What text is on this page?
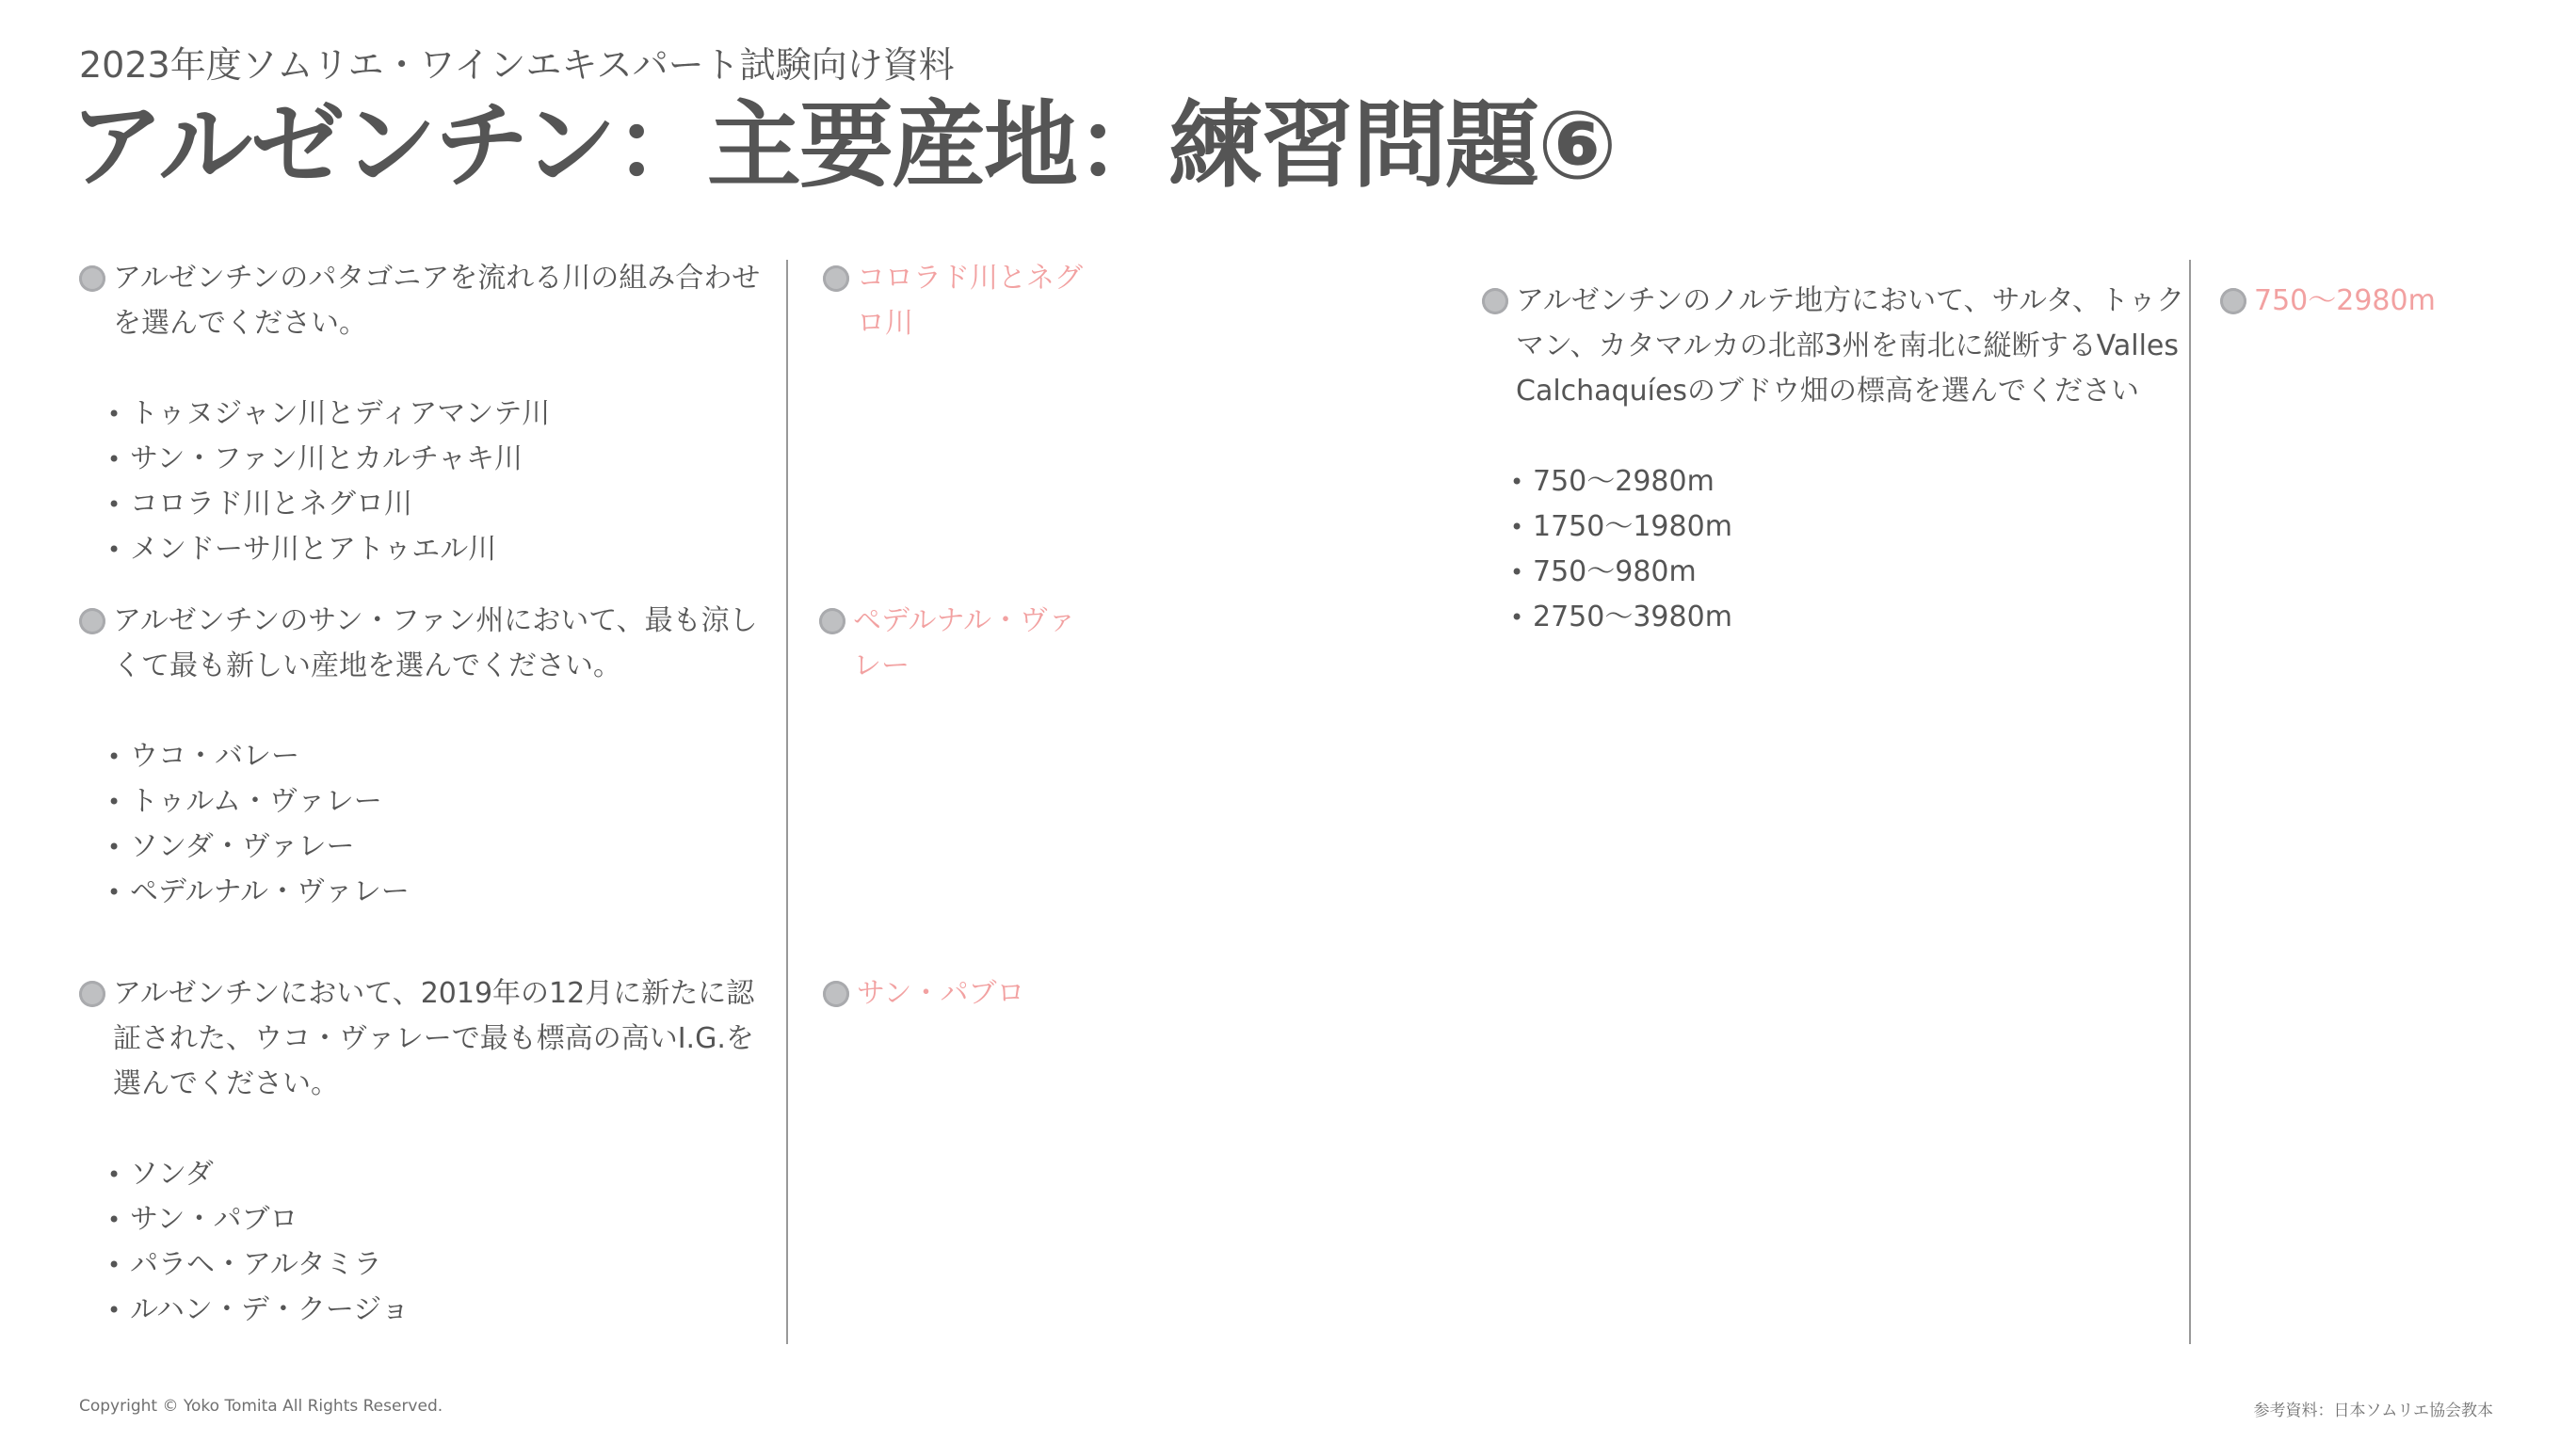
2023年度ソムリエ・ワインエキスパート試験向け資料
アルゼンチン：主要産地：練習問題⑥
アルゼンチンのパタゴニアを流れる川の組み合わせを選んでください。
• トゥヌジャン川とディアマンテ川
• サン・ファン川とカルチャキ川
• コロラド川とネグロ川
• メンドーサ川とアトゥエル川
コロラド川とネグロ川
アルゼンチンのサン・ファン州において、最も涼しくて最も新しい産地を選んでください。
• ウコ・バレー
• トゥルム・ヴァレー
• ソンダ・ヴァレー
• ペデルナル・ヴァレー
ペデルナル・ヴァレー
アルゼンチンにおいて、2019年の12月に新たに認証された、ウコ・ヴァレーで最も標高の高いI.G.を選んでください。
• ソンダ
• サン・パブロ
• パラヘ・アルタミラ
• ルハン・デ・クージョ
サン・パブロ
アルゼンチンのノルテ地方において、サルタ、トゥクマン、カタマルカの北部3州を南北に縦断するValles Calchaquíesのブドウ畑の標高を選んでください
• 750〜2980m
• 1750〜1980m
• 750〜980m
• 2750〜3980m
750〜2980m
Copyright © Yoko Tomita All Rights Reserved.	参考資料：日本ソムリエ協会教本
